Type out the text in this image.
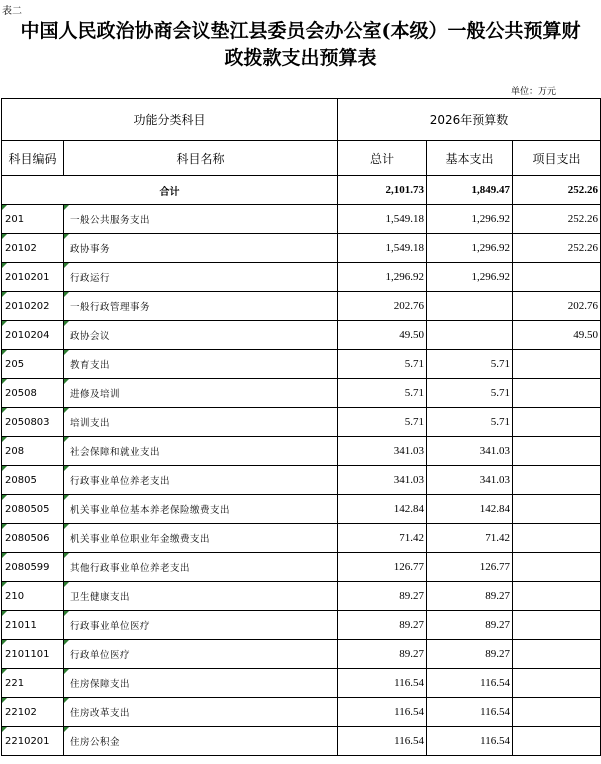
表二
中国人民政治协商会议垫江县委员会办公室(本级）一般公共预算财
政拨款支出预算表
单位：万元
功能分类科目		2026年预算数		
科目编码	科目名称	总计	基本支出	项目支出
合计		2,101.73	1,849.47	252.26
201	一般公共服务支出	1,549.18	1,296.92	252.26
20102	政协事务	1,549.18	1,296.92	252.26
2010201	行政运行	1,296.92	1,296.92	
2010202	一般行政管理事务	202.76		202.76
2010204	政协会议	49.50		49.50
205	教育支出	5.71	5.71	
20508	进修及培训	5.71	5.71	
2050803	培训支出	5.71	5.71	
208	社会保障和就业支出	341.03	341.03	
20805	行政事业单位养老支出	341.03	341.03	
2080505	机关事业单位基本养老保险缴费支出	142.84	142.84	
2080506	机关事业单位职业年金缴费支出	71.42	71.42	
2080599	其他行政事业单位养老支出	126.77	126.77	
210	卫生健康支出	89.27	89.27	
21011	行政事业单位医疗	89.27	89.27	
2101101	行政单位医疗	89.27	89.27	
221	住房保障支出	116.54	116.54	
22102	住房改革支出	116.54	116.54	
2210201	住房公积金	116.54	116.54	
